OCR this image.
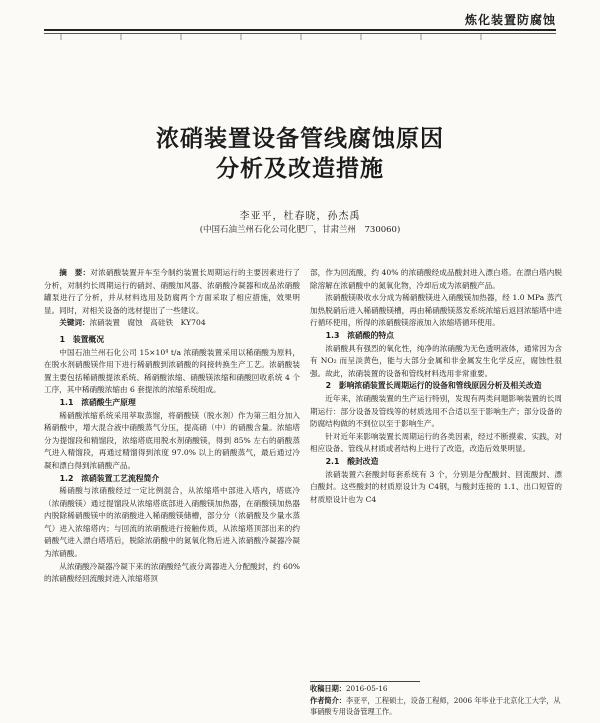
炼化装置防腐蚀
浓硝装置设备管线腐蚀原因
分析及改造措施
李亚平，杜春晓，孙杰禹
(中国石油兰州石化公司化肥厂，甘肃兰州　730060)

摘　要：对浓硝酸装置开车至今制约装置长周期运行的主要因素进行了分析，对制约长周期运行的硝封、硝酸加风器、浓硝酸冷凝器和成品浓硝酸罐泵进行了分析，并从材料选用及防腐两个方面采取了相应措施，效果明显。同时，对相关设备的选材提出了一些建议。

关键词：浓硝装置　腐蚀　高硅铁　KY704

1　装置概况

中国石油兰州石化公司 15×10⁴ t/a 浓硝酸装置采用以稀硝酸为原料，在脱水剂硝酸镁作用下进行稀硝酸到浓硝酸的间接转换生产工艺。浓硝酸装置主要包括稀硝酸提浓系统、稀硝酸浓缩、硝酸镁浓缩和硝酸回收系统 4 个工序，其中稀硝酸浓缩由 6 套提浓的浓缩系统组成。

1.1　浓硝酸生产原理

稀硝酸浓缩系统采用萃取蒸馏，将硝酸镁（脱水剂）作为第三组分加入稀硝酸中，增大混合液中硝酸蒸气分压，提高硝（中）的硝酸含量。浓缩塔分为提馏段和精馏段，浓缩塔底用脱水剂硝酸镁，得到 85% 左右的硝酸蒸气进入精馏段，再通过精馏得到浓度 97.0% 以上的硝酸蒸气，最后通过冷凝和漂白得到浓硝酸产品。

1.2　浓硝装置工艺流程简介

稀硝酸与浓硝酸经过一定比例混合，从浓缩塔中部进入塔内，塔底冷（浓硝酸镁）通过提馏段从浓缩塔底部进入硝酸镁加热器，在硝酸镁加热器内脱除稀硝酸镁中的浓硝酸进入稀硝酸镁储槽，部分分（浓硝酸及少量水蒸气）进入浓缩塔内；与回流的浓硝酸进行接触传质，从浓缩塔顶部出来的约硝酸气进入漂白塔塔后，脱除浓硝酸中的氮氧化物后进入浓硝酸冷凝器冷凝为浓硝酸。

从浓硝酸冷凝器冷凝下来的浓硝酸经气液分离器进入分配酸封，约 60% 的浓硝酸经回流酸封进入浓缩塔顶

部，作为回流酸，约 40% 的浓硝酸经成品酸封进入漂白塔。在漂白塔内脱除溶解在浓硝酸中的氮氧化物，冷却后成为浓硝酸产品。

浓硝酸镁吸收水分成为稀硝酸镁进入硝酸镁加热器，经 1.0 MPa 蒸汽加热脱硝后进入稀硝酸镁槽，再由稀硝酸镁蒸发系统浓缩后返回浓缩塔中进行循环使用，所得的浓硝酸镁溶液加入浓缩塔循环使用。

1.3　浓硝酸的特点

浓硝酸具有强烈的氧化性，纯净的浓硝酸为无色透明液体，通常因为含有 NO₂ 而呈淡黄色，能与大部分金属和非金属发生化学反应，腐蚀性很强。故此，浓硝装置的设备和管线材料选用非常重要。

2　影响浓硝装置长周期运行的设备和管线原因分析及相关改造

近年来，浓硝酸装置的生产运行特别，发现有两类问题影响装置的长周期运行：部分设备及管线等的材质选用不合适以至于影响生产；部分设备的防腐结构做的不到位以至于影响生产。

针对近年来影响装置长周期运行的各类因素，经过不断摸索、实践，对相应设备、管线从材质或者结构上进行了改造，改造后效果明显。

2.1　酸封改造

浓硝装置六套酸封每套系统有 3 个，分别是分配酸封、回流酸封、漂白酸封。这些酸封的材质原设计为 C4钢，与酸封连接的 1.1、出口短管的材质原设计也为 C4

收稿日期：2016-05-16
作者简介：李亚平，工程硕士，设备工程师，2006 年毕业于北京化工大学，从事硝酸专用设备管理工作。
